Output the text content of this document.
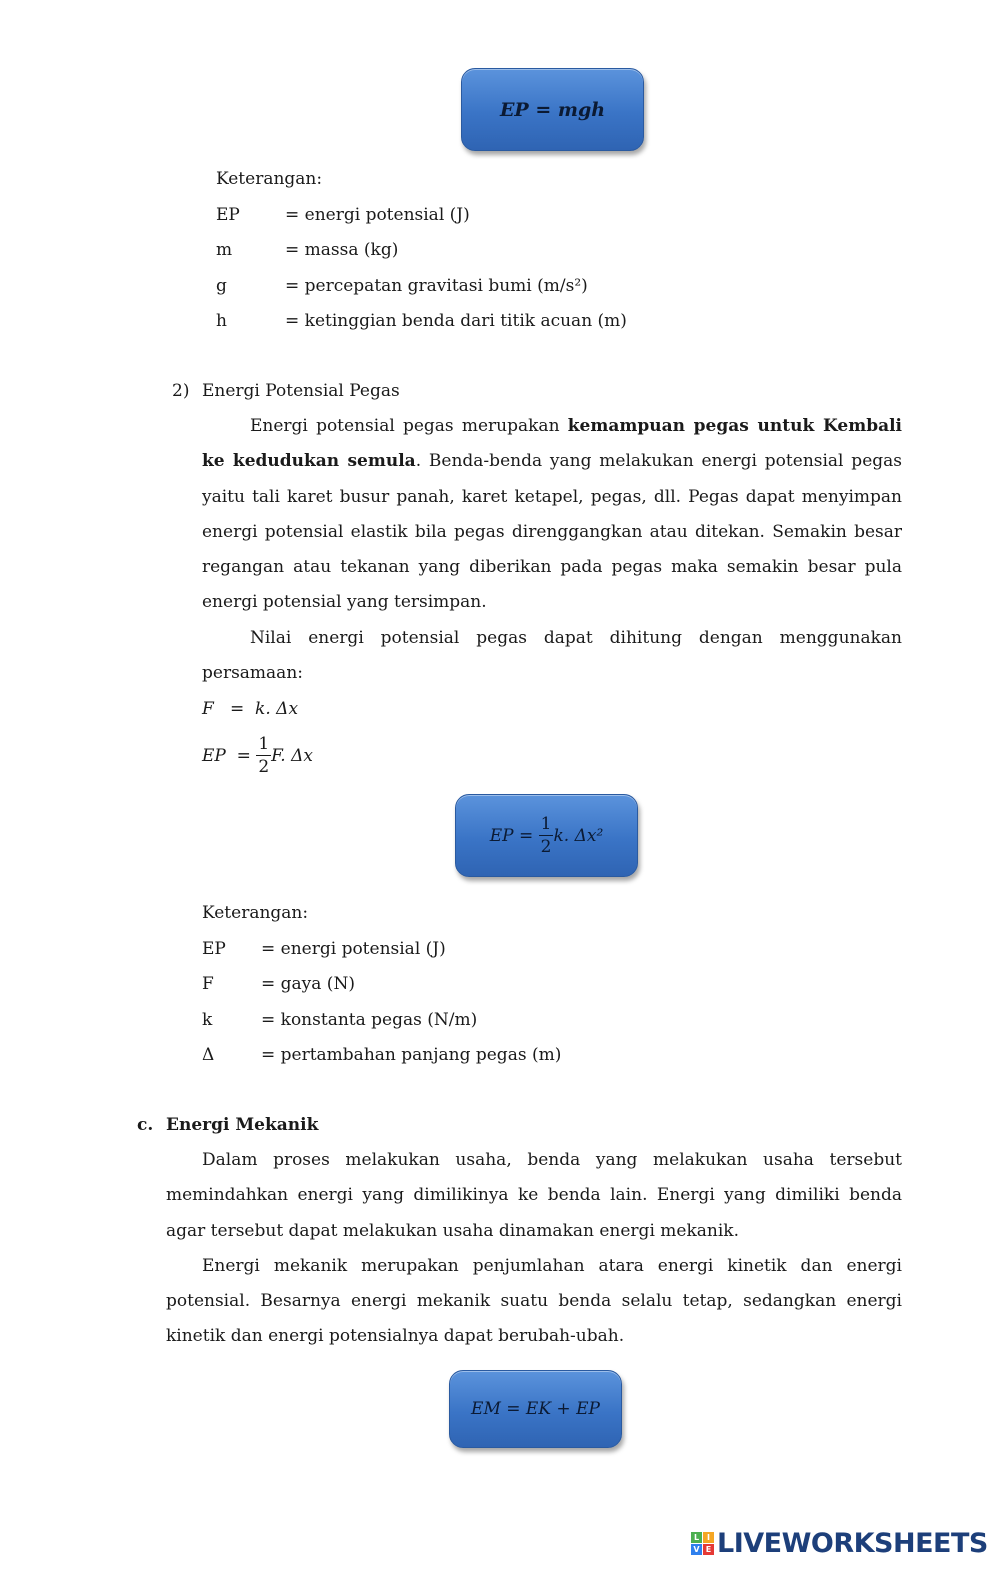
EP = mgh
Keterangan:
EP	= energi potensial (J)
m	= massa (kg)
g	= percepatan gravitasi bumi (m/s²)
h	= ketinggian benda dari titik acuan (m)
2) Energi Potensial Pegas

Energi potensial pegas merupakan kemampuan pegas untuk Kembali ke kedudukan semula. Benda-benda yang melakukan energi potensial pegas yaitu tali karet busur panah, karet ketapel, pegas, dll. Pegas dapat menyimpan energi potensial elastik bila pegas direnggangkan atau ditekan. Semakin besar regangan atau tekanan yang diberikan pada pegas maka semakin besar pula energi potensial yang tersimpan.

Nilai energi potensial pegas dapat dihitung dengan menggunakan persamaan:

F   =  k. Δx
EP  = $\frac{1}{2} F$. Δx
EP = $\frac{1}{2} k$. Δx²
Keterangan:
EP = energi potensial (J)
F	= gaya (N)
k	= konstanta pegas (N/m)
Δ	= pertambahan panjang pegas (m)
c. Energi Mekanik

Dalam proses melakukan usaha, benda yang melakukan usaha tersebut memindahkan energi yang dimilikinya ke benda lain. Energi yang dimiliki benda agar tersebut dapat melakukan usaha dinamakan energi mekanik.

Energi mekanik merupakan penjumlahan atara energi kinetik dan energi potensial. Besarnya energi mekanik suatu benda selalu tetap, sedangkan energi kinetik dan energi potensialnya dapat berubah-ubah.

EM = EK + EP
L I
V E LIVEWORKSHEETS
